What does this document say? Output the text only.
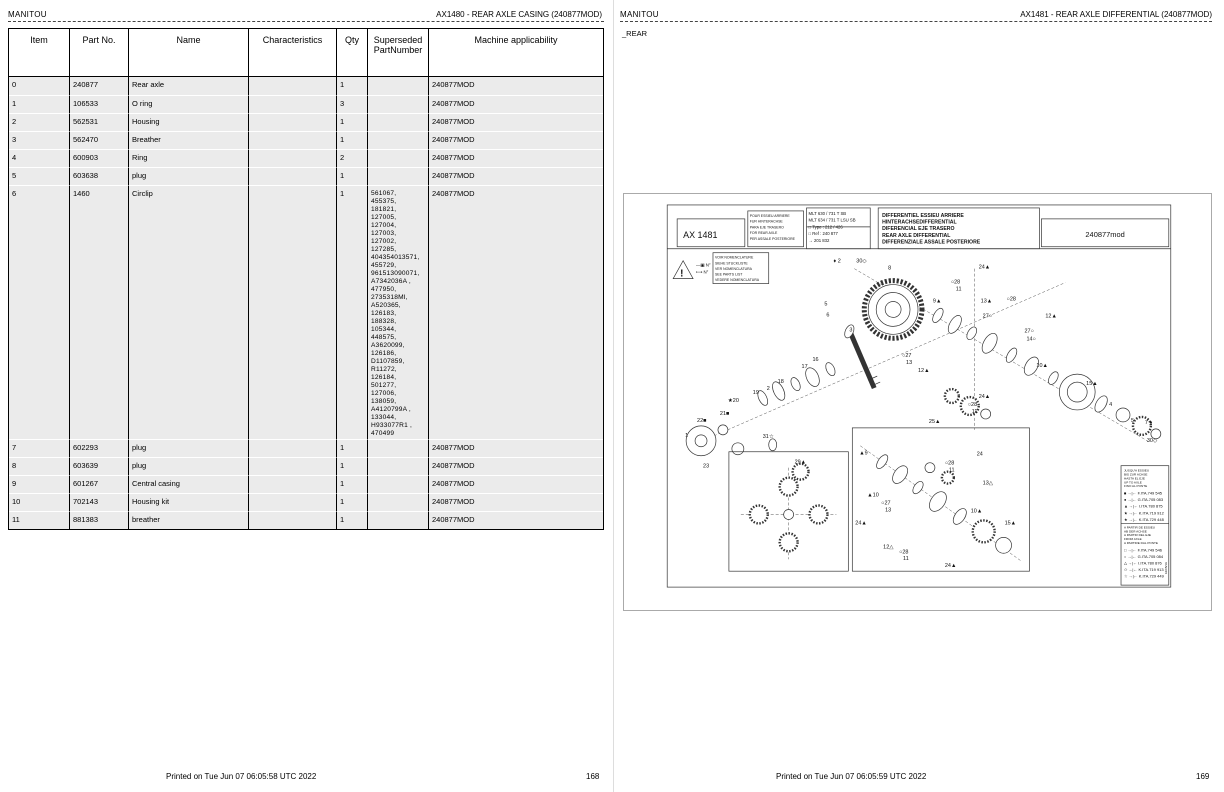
MANITOU	AX1480 - REAR AXLE CASING (240877MOD)
Item	Part No.	Name	Characteristics	Qty	Superseded PartNumber	Machine applicability
0	240877	Rear axle		1		240877MOD
1	106533	O ring		3		240877MOD
2	562531	Housing		1		240877MOD
3	562470	Breather		1		240877MOD
4	600903	Ring		2		240877MOD
5	603638	plug		1		240877MOD
6	1460	Circlip		1	561067, 455375, 181821, 127005, 127004, 127003, 127002, 127285, 404354013571, 455729, 961513090071, A7342036A , 477950, 2735318MI, A520365, 126183, 188328, 105344, 448575, A3620099, 126186, D1107859, R11272, 126184, 501277, 127006, 138059, A4120799A , 133044, H933077R1 , 470499	240877MOD
7	602293	plug		1		240877MOD
8	603639	plug		1		240877MOD
9	601267	Central casing		1		240877MOD
10	702143	Housing kit		1		240877MOD
11	881383	breather		1		240877MOD
Printed on Tue Jun 07 06:05:58 UTC 2022	168
MANITOU	AX1481 - REAR AXLE DIFFERENTIAL (240877MOD)
_REAR
AX 1481	240877mod
!
16/05/16
POUR ESSIEU ARRIERE
FUR HINTERACHSE
PARA EJE TRASERO
FOR REAR AXLE
PER ASSALE POSTERIORE
MLT 630 / 731 T SB
MLT 634 / 731 T LSU SB
□ Type : 212 / 426
□ Ref : 240 877
→ 201 832
DIFFERENTIEL ESSIEU ARRIERE
HINTERACHSEDIFFERENTIAL
DIFERENCIAL EJE TRASERO
REAR AXLE DIFFERENTIAL
DIFFERENZIALE ASSALE POSTERIORE
VOIR NOMENCLATURE
SIEHE STUCKLISTE
VER NOMENCLATURA
SEE PARTS LIST
VEDERE NOMENCLATURA
—▣ N°
⟼ N°
JUSQU'A ESSIEU
BIS ZUR ACHSE
HASTA EL EJE
UP TO AXLE
FINO AL PONTE
■ →|← F.ITA.749 545
● →|← G.ITA.705 083
▲ →|← I.ITA.780 875
★ →|← K.ITA.719 912
★ →|← K.ITA.729 448
A PARTIR DE ESSIEU
AB DER ACHSE
A PARTIR DEL EJE
FROM AXLE
A PARTIRE DAL PONTE
□ →|← F.ITA.749 546
○ →|← G.ITA.705 084
△ →|← I.ITA.780 876
✩ →|← K.ITA.719 913
☆ →|← K.ITA.729 449
♦ 2	30◇
8
5
6
3
24▲
○28
11
9▲	13▲	○28
27○	12▲
27○
14○
16
17
18
2
19
★20
21■
22■
1
23
31☆
29▲
○27
13
12▲
25▲
24▲
○28
11
10▲
15▲
4
5 7 ♦
30◇
▲9
▲10
○27
13
24▲
12△
○28
11
24
○28
11
13△
10▲
15▲
24▲
Printed on Tue Jun 07 06:05:59 UTC 2022	169
